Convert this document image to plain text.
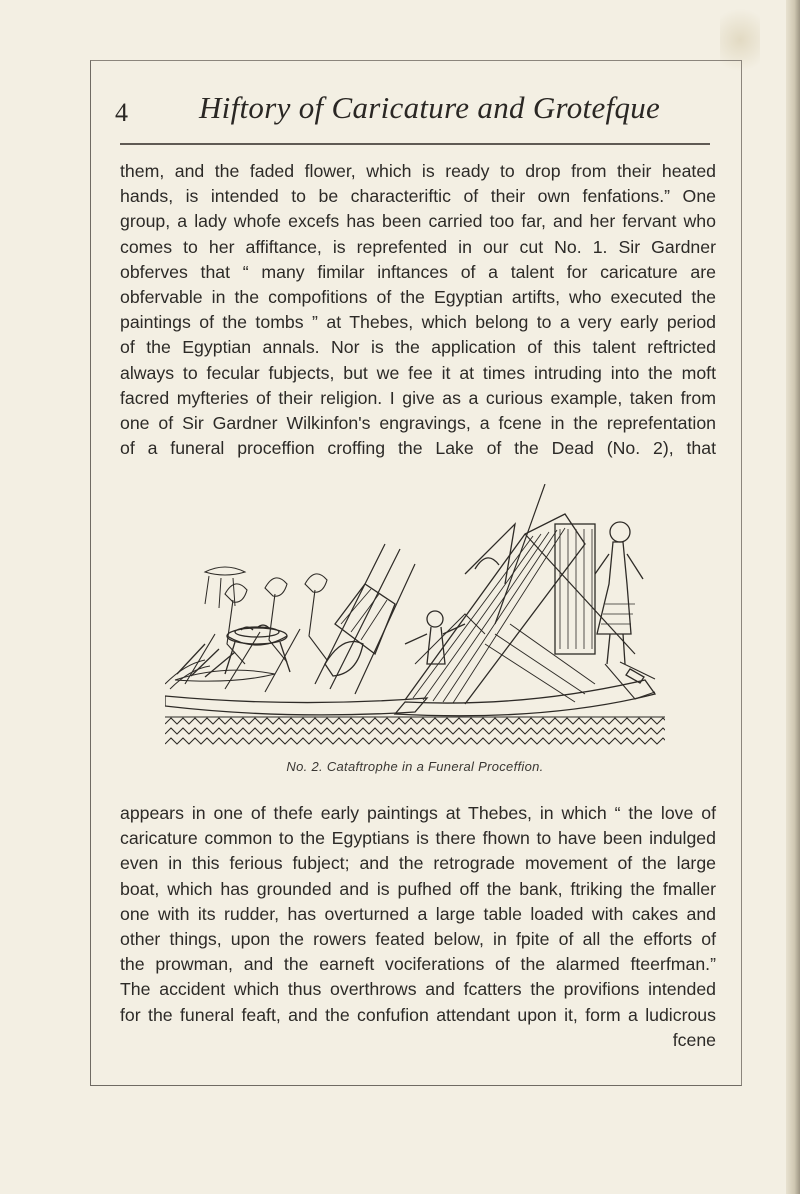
4 Hiftory of Caricature and Grotefque
them, and the faded flower, which is ready to drop from their heated
hands, is intended to be characteriftic of their own fenfations.” One
group, a lady whofe excefs has been carried too far, and her fervant who
comes to her affiftance, is reprefented in our cut No. 1. Sir Gardner
obferves that “ many fimilar inftances of a talent for caricature are
obfervable in the compofitions of the Egyptian artifts, who executed the
paintings of the tombs ” at Thebes, which belong to a very early period
of the Egyptian annals. Nor is the application of this talent reftricted
always to fecular fubjects, but we fee it at times intruding into the moft
facred myfteries of their religion. I give as a curious example, taken from
one of Sir Gardner Wilkinfon's engravings, a fcene in the reprefentation
of a funeral proceffion croffing the Lake of the Dead (No. 2), that
No. 2. Cataftrophe in a Funeral Proceffion.
appears in one of thefe early paintings at Thebes, in which “ the love of
caricature common to the Egyptians is there fhown to have been indulged
even in this ferious fubject; and the retrograde movement of the large
boat, which has grounded and is pufhed off the bank, ftriking the fmaller
one with its rudder, has overturned a large table loaded with cakes and
other things, upon the rowers feated below, in fpite of all the efforts of
the prowman, and the earneft vociferations of the alarmed fteerfman.”
The accident which thus overthrows and fcatters the provifions intended
for the funeral feaft, and the confufion attendant upon it, form a ludicrous
fcene
